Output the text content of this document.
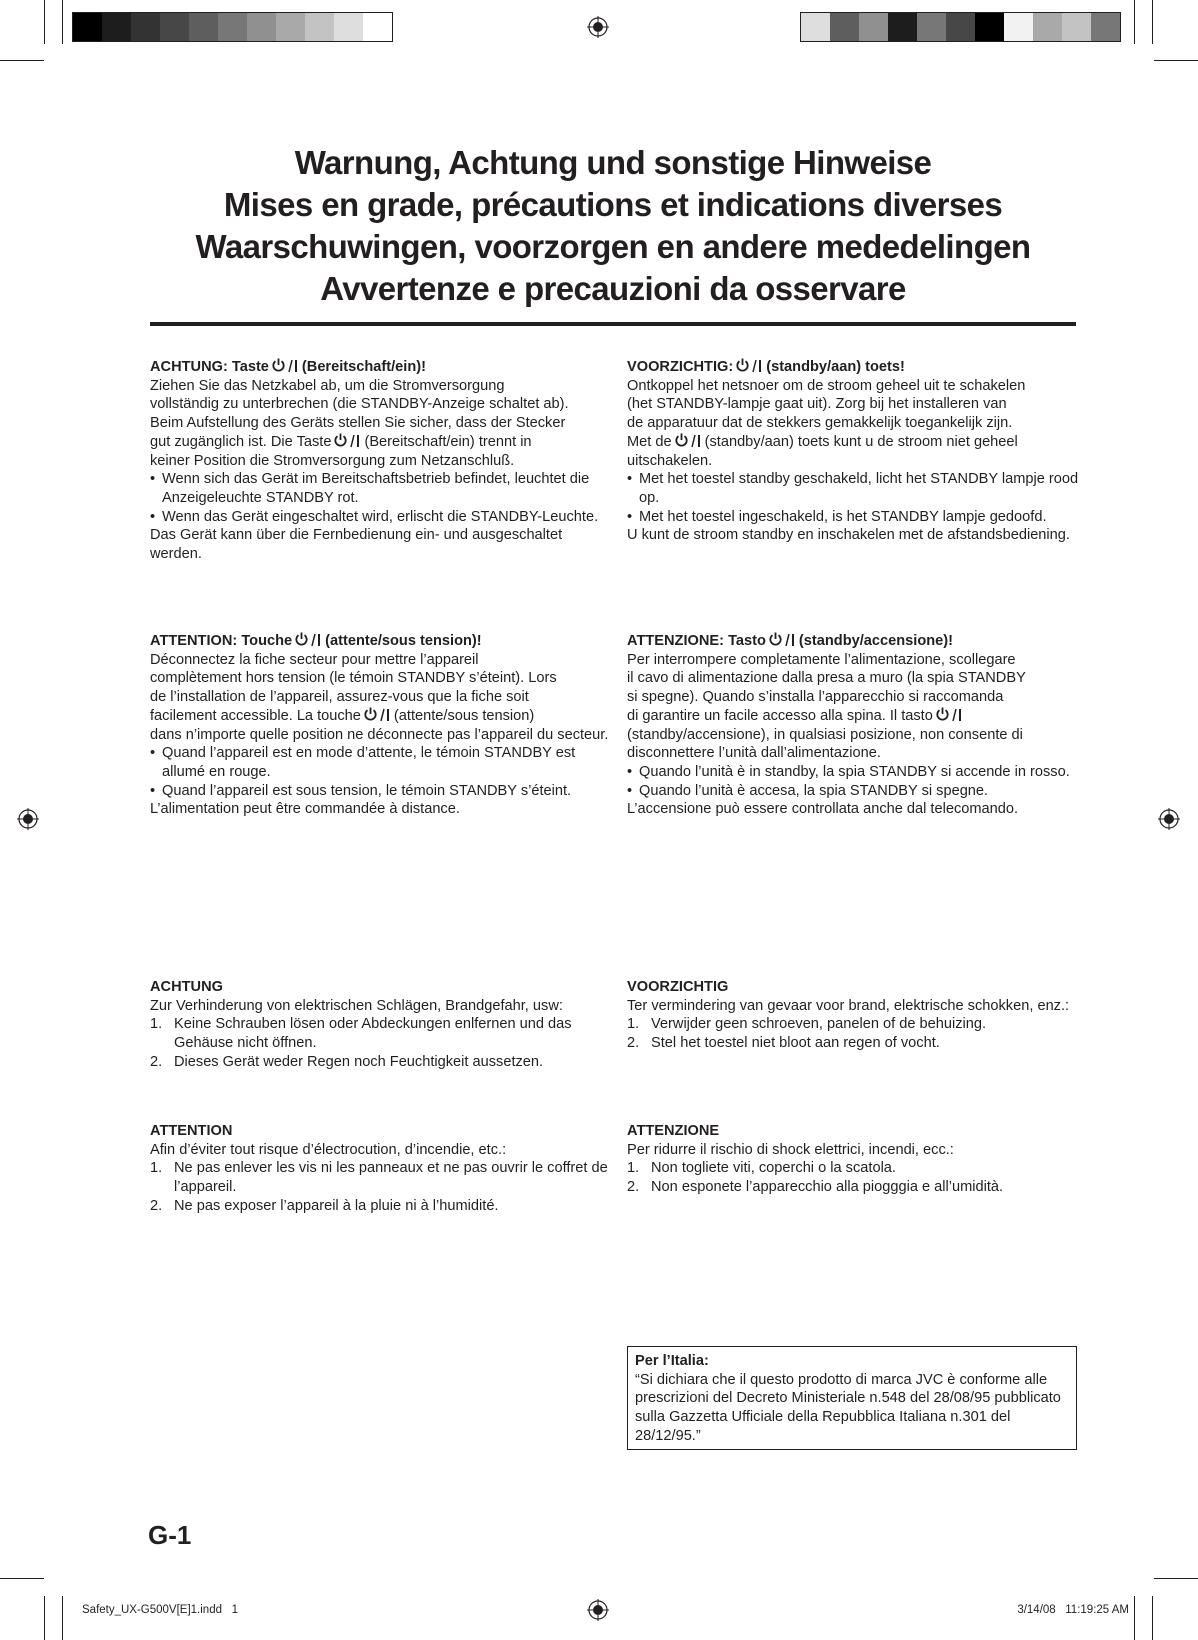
Warnung, Achtung und sonstige Hinweise
Mises en grade, précautions et indications diverses
Waarschuwingen, voorzorgen en andere mededelingen
Avvertenze e precauzioni da osservare

ACHTUNG: Taste (Bereitschaft/ein)!

Ziehen Sie das Netzkabel ab, um die Stromversorgung

vollständig zu unterbrechen (die STANDBY-Anzeige schaltet ab).

Beim Aufstellung des Geräts stellen Sie sicher, dass der Stecker

gut zugänglich ist. Die Taste (Bereitschaft/ein) trennt in

keiner Position die Stromversorgung zum Netzanschluß.

• Wenn sich das Gerät im Bereitschaftsbetrieb befindet, leuchtet die Anzeigeleuchte STANDBY rot.

• Wenn das Gerät eingeschaltet wird, erlischt die STANDBY-Leuchte.

Das Gerät kann über die Fernbedienung ein- und ausgeschaltet werden.

VOORZICHTIG: (standby/aan) toets!

Ontkoppel het netsnoer om de stroom geheel uit te schakelen

(het STANDBY-lampje gaat uit). Zorg bij het installeren van

de apparatuur dat de stekkers gemakkelijk toegankelijk zijn.

Met de (standby/aan) toets kunt u de stroom niet geheel

uitschakelen.

• Met het toestel standby geschakeld, licht het STANDBY lampje rood op.

• Met het toestel ingeschakeld, is het STANDBY lampje gedoofd.

U kunt de stroom standby en inschakelen met de afstandsbediening.

ATTENTION: Touche (attente/sous tension)!

Déconnectez la fiche secteur pour mettre l’appareil

complètement hors tension (le témoin STANDBY s’éteint). Lors

de l’installation de l’appareil, assurez-vous que la fiche soit

facilement accessible. La touche (attente/sous tension)

dans n’importe quelle position ne déconnecte pas l’appareil du secteur.

• Quand l’appareil est en mode d’attente, le témoin STANDBY est allumé en rouge.

• Quand l’appareil est sous tension, le témoin STANDBY s’éteint.

L’alimentation peut être commandée à distance.

ATTENZIONE: Tasto (standby/accensione)!

Per interrompere completamente l’alimentazione, scollegare

il cavo di alimentazione dalla presa a muro (la spia STANDBY

si spegne). Quando s’installa l’apparecchio si raccomanda

di garantire un facile accesso alla spina. Il tasto

(standby/accensione), in qualsiasi posizione, non consente di disconnettere l’unità dall’alimentazione.

• Quando l’unità è in standby, la spia STANDBY si accende in rosso.

• Quando l’unità è accesa, la spia STANDBY si spegne.

L’accensione può essere controllata anche dal telecomando.

ACHTUNG

Zur Verhinderung von elektrischen Schlägen, Brandgefahr, usw:

1. Keine Schrauben lösen oder Abdeckungen enlfernen und das Gehäuse nicht öffnen.
2. Dieses Gerät weder Regen noch Feuchtigkeit aussetzen.

VOORZICHTIG

Ter vermindering van gevaar voor brand, elektrische schokken, enz.:

1. Verwijder geen schroeven, panelen of de behuizing.
2. Stel het toestel niet bloot aan regen of vocht.

ATTENTION

Afin d’éviter tout risque d’électrocution, d’incendie, etc.:

1. Ne pas enlever les vis ni les panneaux et ne pas ouvrir le coffret de l’appareil.
2. Ne pas exposer l’appareil à la pluie ni à l’humidité.

ATTENZIONE

Per ridurre il rischio di shock elettrici, incendi, ecc.:

1. Non togliete viti, coperchi o la scatola.
2. Non esponete l’apparecchio alla piogggia e all’umidità.
Per l’Italia:
“Si dichiara che il questo prodotto di marca JVC è conforme alle prescrizioni del Decreto Ministeriale n.548 del 28/08/95 pubblicato sulla Gazzetta Ufficiale della Repubblica Italiana n.301 del 28/12/95.”
G-1
Safety_UX-G500V[E]1.indd   1	3/14/08   11:19:25 AM
